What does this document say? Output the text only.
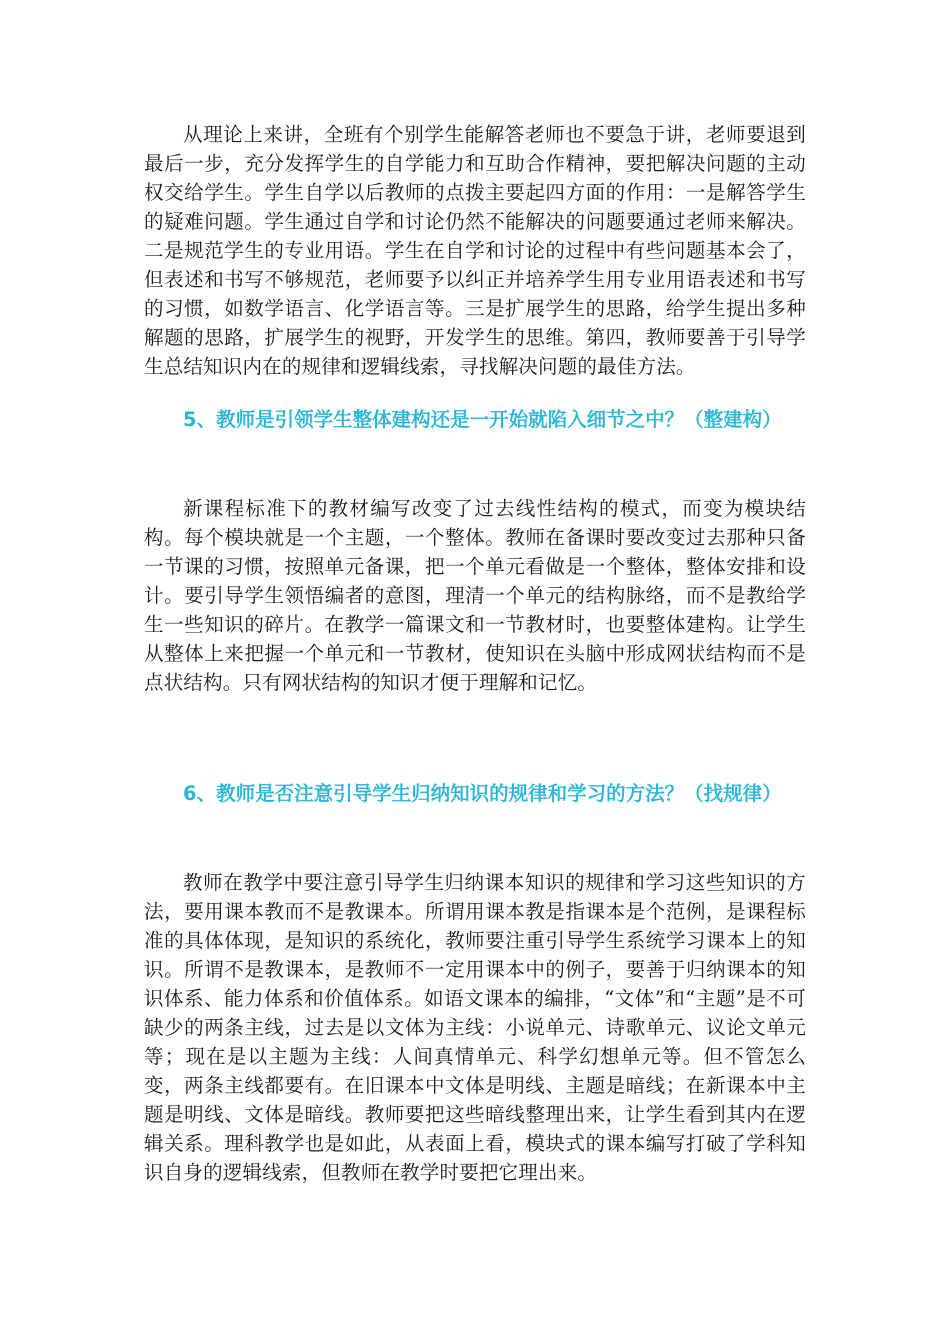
从理论上来讲，全班有个别学生能解答老师也不要急于讲，老师要退到最后一步，充分发挥学生的自学能力和互助合作精神，要把解决问题的主动权交给学生。学生自学以后教师的点拨主要起四方面的作用：一是解答学生的疑难问题。学生通过自学和讨论仍然不能解决的问题要通过老师来解决。二是规范学生的专业用语。学生在自学和讨论的过程中有些问题基本会了，但表述和书写不够规范，老师要予以纠正并培养学生用专业用语表述和书写的习惯，如数学语言、化学语言等。三是扩展学生的思路，给学生提出多种解题的思路，扩展学生的视野，开发学生的思维。第四，教师要善于引导学生总结知识内在的规律和逻辑线索，寻找解决问题的最佳方法。

5、教师是引领学生整体建构还是一开始就陷入细节之中？（整建构）

新课程标准下的教材编写改变了过去线性结构的模式，而变为模块结构。每个模块就是一个主题，一个整体。教师在备课时要改变过去那种只备一节课的习惯，按照单元备课，把一个单元看做是一个整体，整体安排和设计。要引导学生领悟编者的意图，理清一个单元的结构脉络，而不是教给学生一些知识的碎片。在教学一篇课文和一节教材时，也要整体建构。让学生从整体上来把握一个单元和一节教材，使知识在头脑中形成网状结构而不是点状结构。只有网状结构的知识才便于理解和记忆。

6、教师是否注意引导学生归纳知识的规律和学习的方法？（找规律）

教师在教学中要注意引导学生归纳课本知识的规律和学习这些知识的方法，要用课本教而不是教课本。所谓用课本教是指课本是个范例，是课程标准的具体体现，是知识的系统化，教师要注重引导学生系统学习课本上的知识。所谓不是教课本，是教师不一定用课本中的例子，要善于归纳课本的知识体系、能力体系和价值体系。如语文课本的编排，“文体”和“主题”是不可缺少的两条主线，过去是以文体为主线：小说单元、诗歌单元、议论文单元等；现在是以主题为主线：人间真情单元、科学幻想单元等。但不管怎么变，两条主线都要有。在旧课本中文体是明线、主题是暗线；在新课本中主题是明线、文体是暗线。教师要把这些暗线整理出来，让学生看到其内在逻辑关系。理科教学也是如此，从表面上看，模块式的课本编写打破了学科知识自身的逻辑线索，但教师在教学时要把它理出来。
